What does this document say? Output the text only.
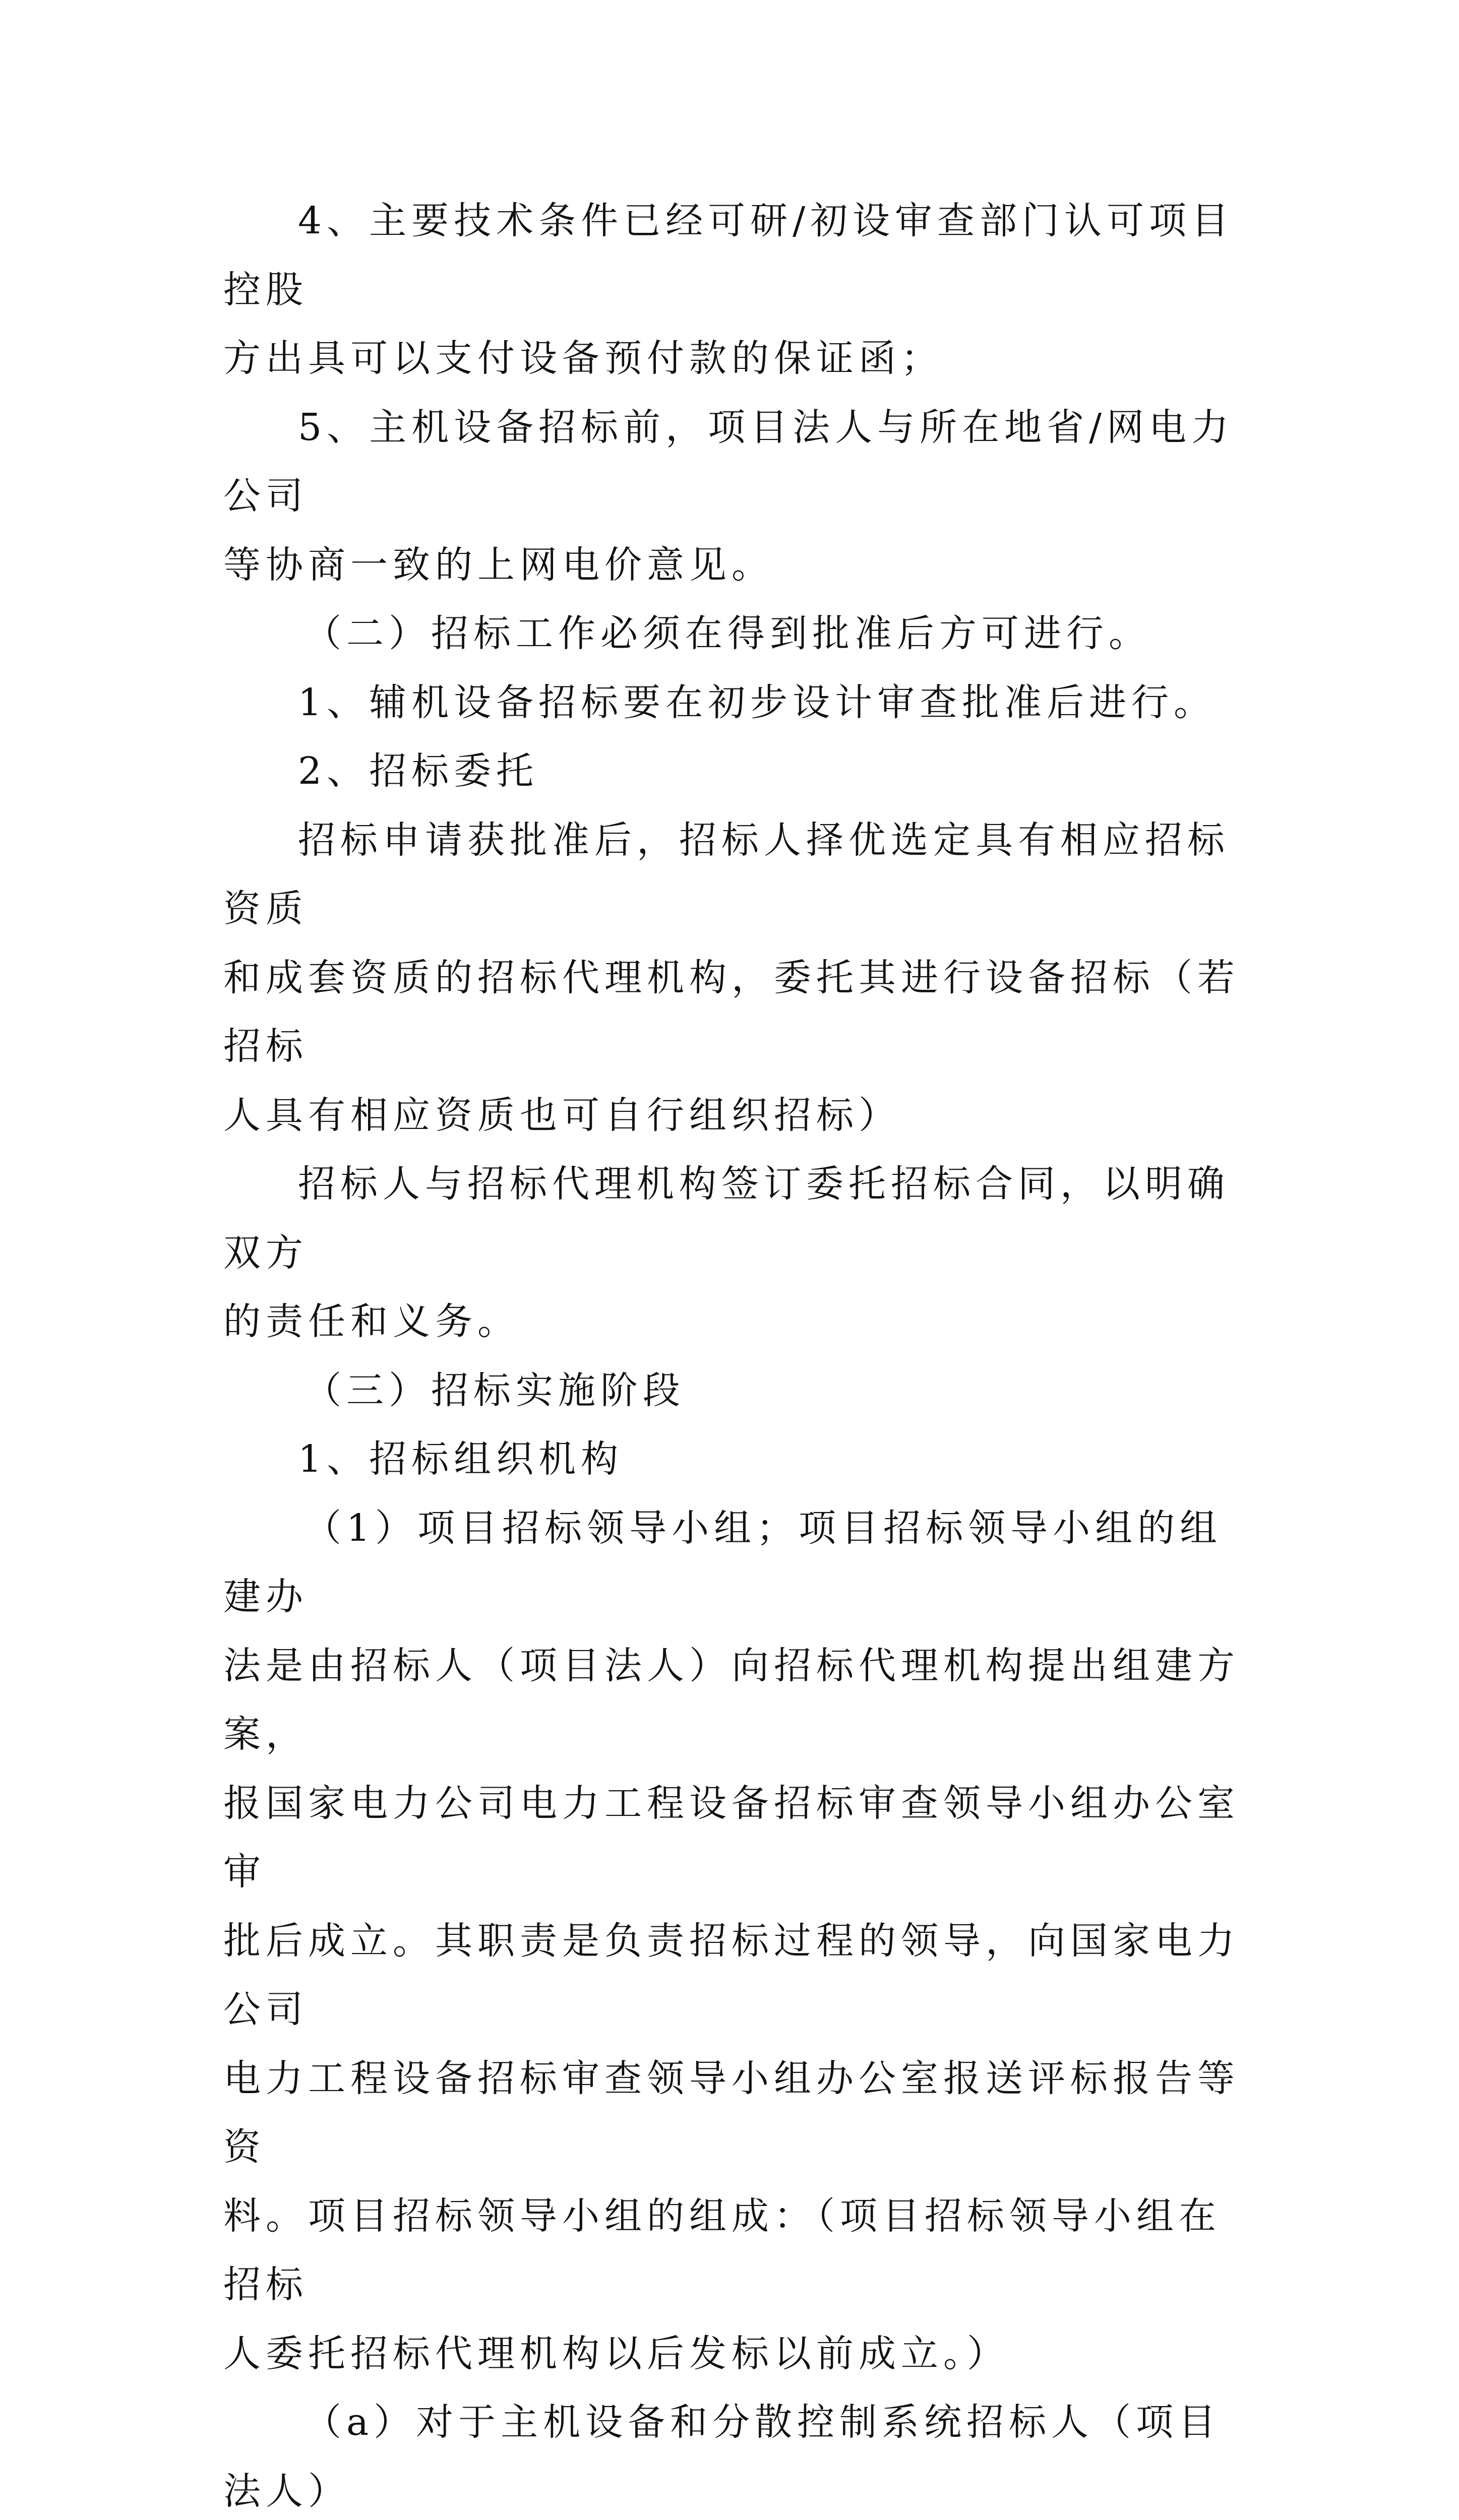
4、主要技术条件已经可研/初设审查部门认可项目控股

方出具可以支付设备预付款的保证函；

5、主机设备招标前，项目法人与所在地省/网电力公司

等协商一致的上网电价意见。

（二）招标工作必须在得到批准后方可进行。

1、辅机设备招标要在初步设计审查批准后进行。

2、招标委托

招标申请获批准后，招标人择优选定具有相应招标资质

和成套资质的招标代理机构，委托其进行设备招标（若招标

人具有相应资质也可自行组织招标）

招标人与招标代理机构签订委托招标合同，以明确双方

的责任和义务。

（三）招标实施阶段

1、招标组织机构

（1）项目招标领导小组；项目招标领导小组的组建办

法是由招标人（项目法人）向招标代理机构提出组建方案，

报国家电力公司电力工程设备招标审查领导小组办公室审

批后成立。其职责是负责招标过程的领导，向国家电力公司

电力工程设备招标审查领导小组办公室报送评标报告等资

料。项目招标领导小组的组成：（项目招标领导小组在招标

人委托招标代理机构以后发标以前成立。）

（a）对于主机设备和分散控制系统招标人（项目法人）
